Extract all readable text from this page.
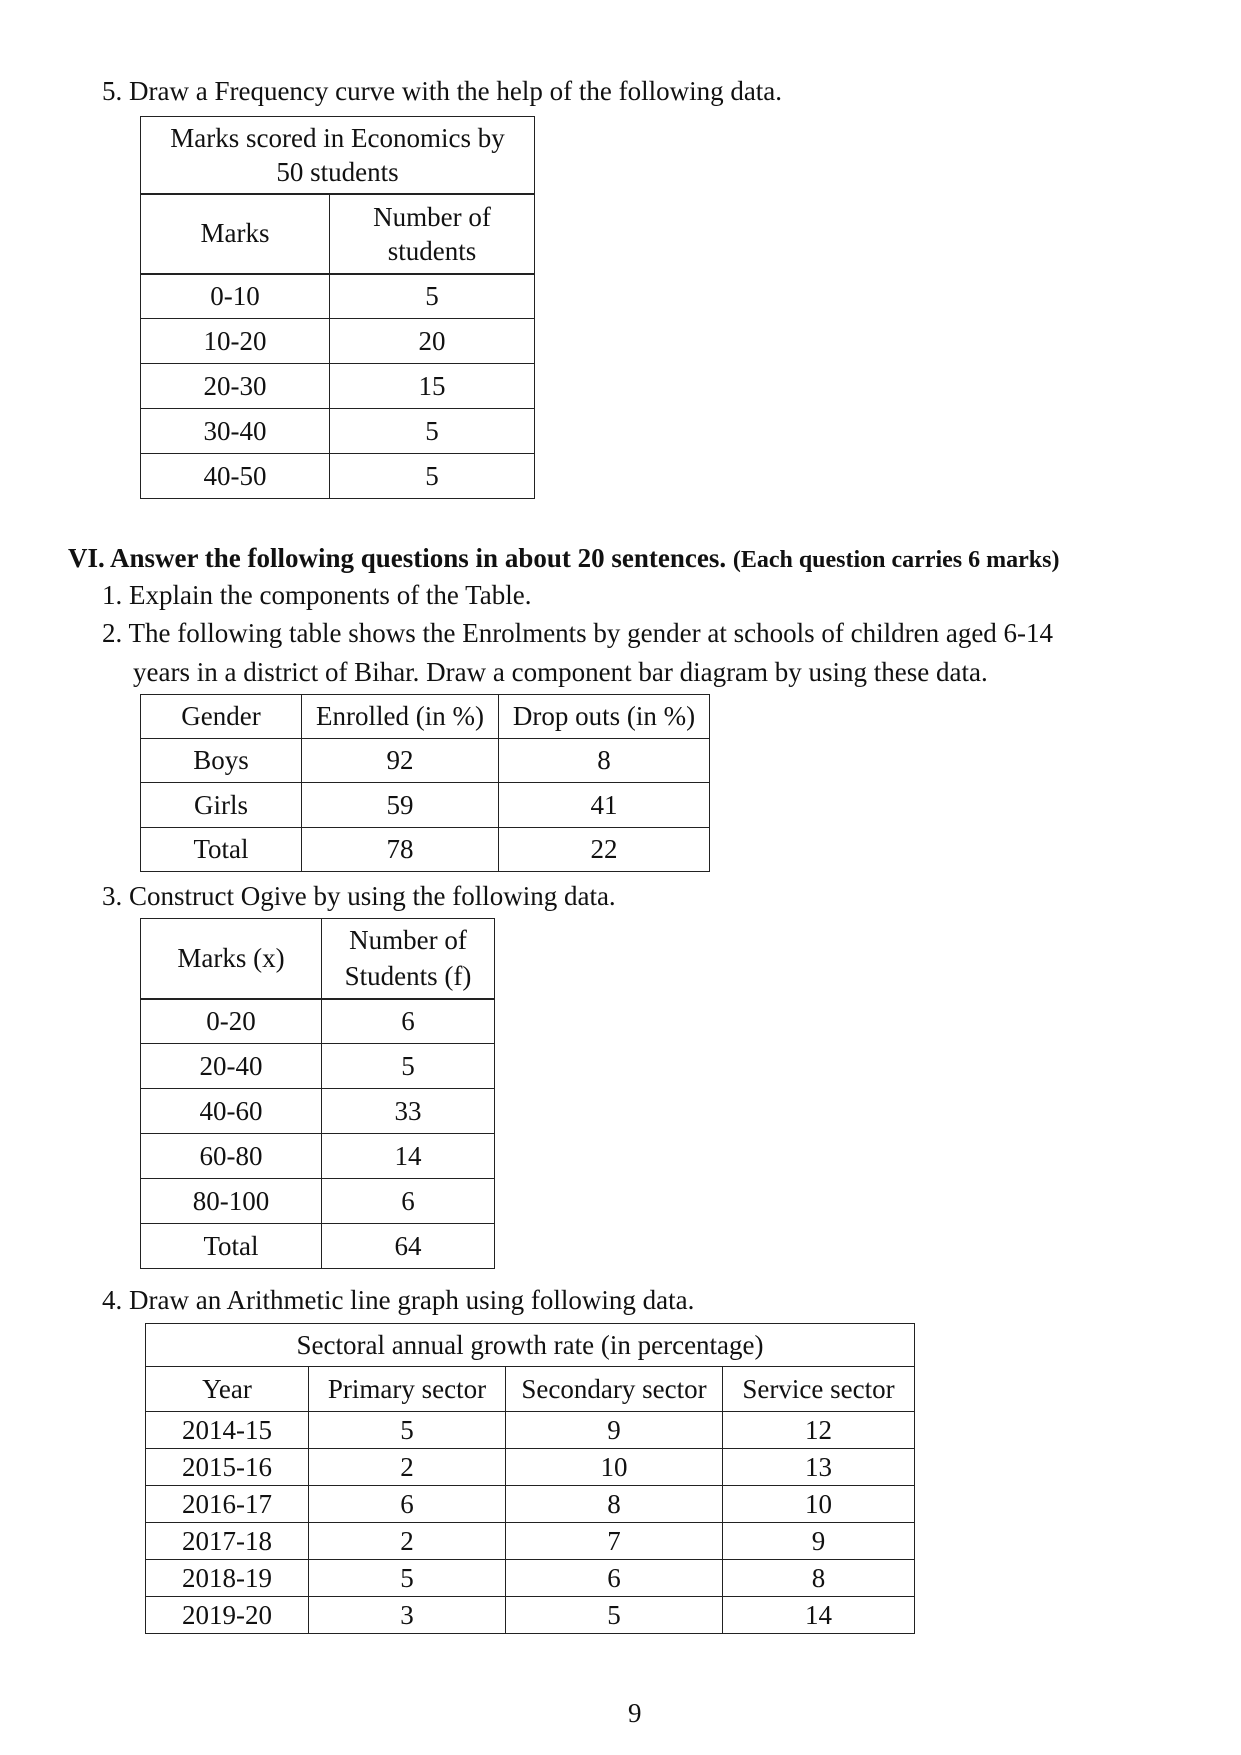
5. Draw a Frequency curve with the help of the following data.
Marks scored in Economics by
50 students	
Marks	Number of
students
0-10	5
10-20	20
20-30	15
30-40	5
40-50	5
VI. Answer the following questions in about 20 sentences. (Each question carries 6 marks)
1. Explain the components of the Table.
2. The following table shows the Enrolments by gender at schools of children aged 6-14
years in a district of Bihar. Draw a component bar diagram by using these data.
Gender	Enrolled (in %)	Drop outs (in %)
Boys	92	8
Girls	59	41
Total	78	22
3. Construct Ogive by using the following data.
Marks (x)	Number of
Students (f)
0-20	6
20-40	5
40-60	33
60-80	14
80-100	6
Total	64
4. Draw an Arithmetic line graph using following data.
Sectoral annual growth rate (in percentage)			
Year	Primary sector	Secondary sector	Service sector
2014-15	5	9	12
2015-16	2	10	13
2016-17	6	8	10
2017-18	2	7	9
2018-19	5	6	8
2019-20	3	5	14
9
